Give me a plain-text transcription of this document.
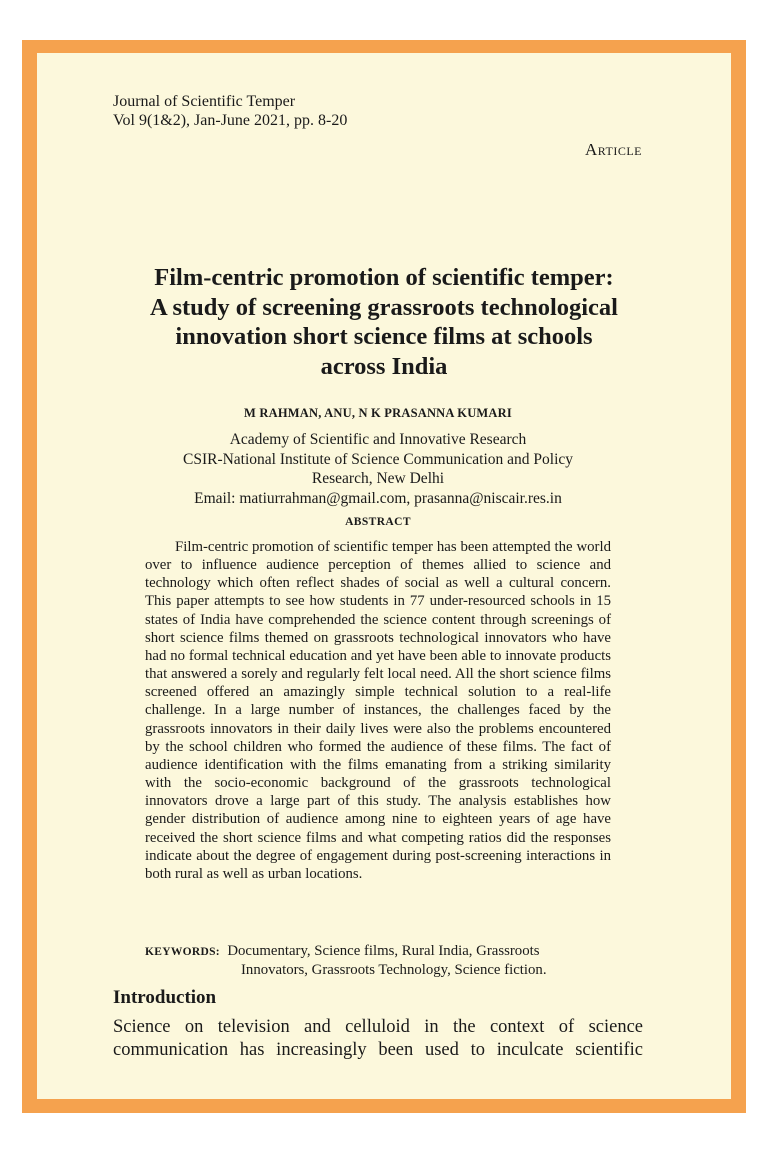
Journal of Scientific Temper
Vol 9(1&2), Jan-June 2021, pp. 8-20
Article
Film-centric promotion of scientific temper:
A study of screening grassroots technological
innovation short science films at schools
across India
M RAHMAN, ANU, N K PRASANNA KUMARI
Academy of Scientific and Innovative Research
CSIR-National Institute of Science Communication and Policy
Research, New Delhi
Email: matiurrahman@gmail.com, prasanna@niscair.res.in
ABSTRACT
Film-centric promotion of scientific temper has been attempted the world over to influence audience perception of themes allied to science and technology which often reflect shades of social as well a cultural concern. This paper attempts to see how students in 77 under-resourced schools in 15 states of India have comprehended the science content through screenings of short science films themed on grassroots technological innovators who have had no formal technical education and yet have been able to innovate products that answered a sorely and regularly felt local need. All the short science films screened offered an amazingly simple technical solution to a real-life challenge. In a large number of instances, the challenges faced by the grassroots innovators in their daily lives were also the problems encountered by the school children who formed the audience of these films. The fact of audience identification with the films emanating from a striking similarity with the socio-economic background of the grassroots technological innovators drove a large part of this study. The analysis establishes how gender distribution of audience among nine to eighteen years of age have received the short science films and what competing ratios did the responses indicate about the degree of engagement during post-screening interactions in both rural as well as urban locations.
KEYWORDS: Documentary, Science films, Rural India, Grassroots
Innovators, Grassroots Technology, Science fiction.
Introduction
Science on television and celluloid in the context of science communication has increasingly been used to inculcate scientific
